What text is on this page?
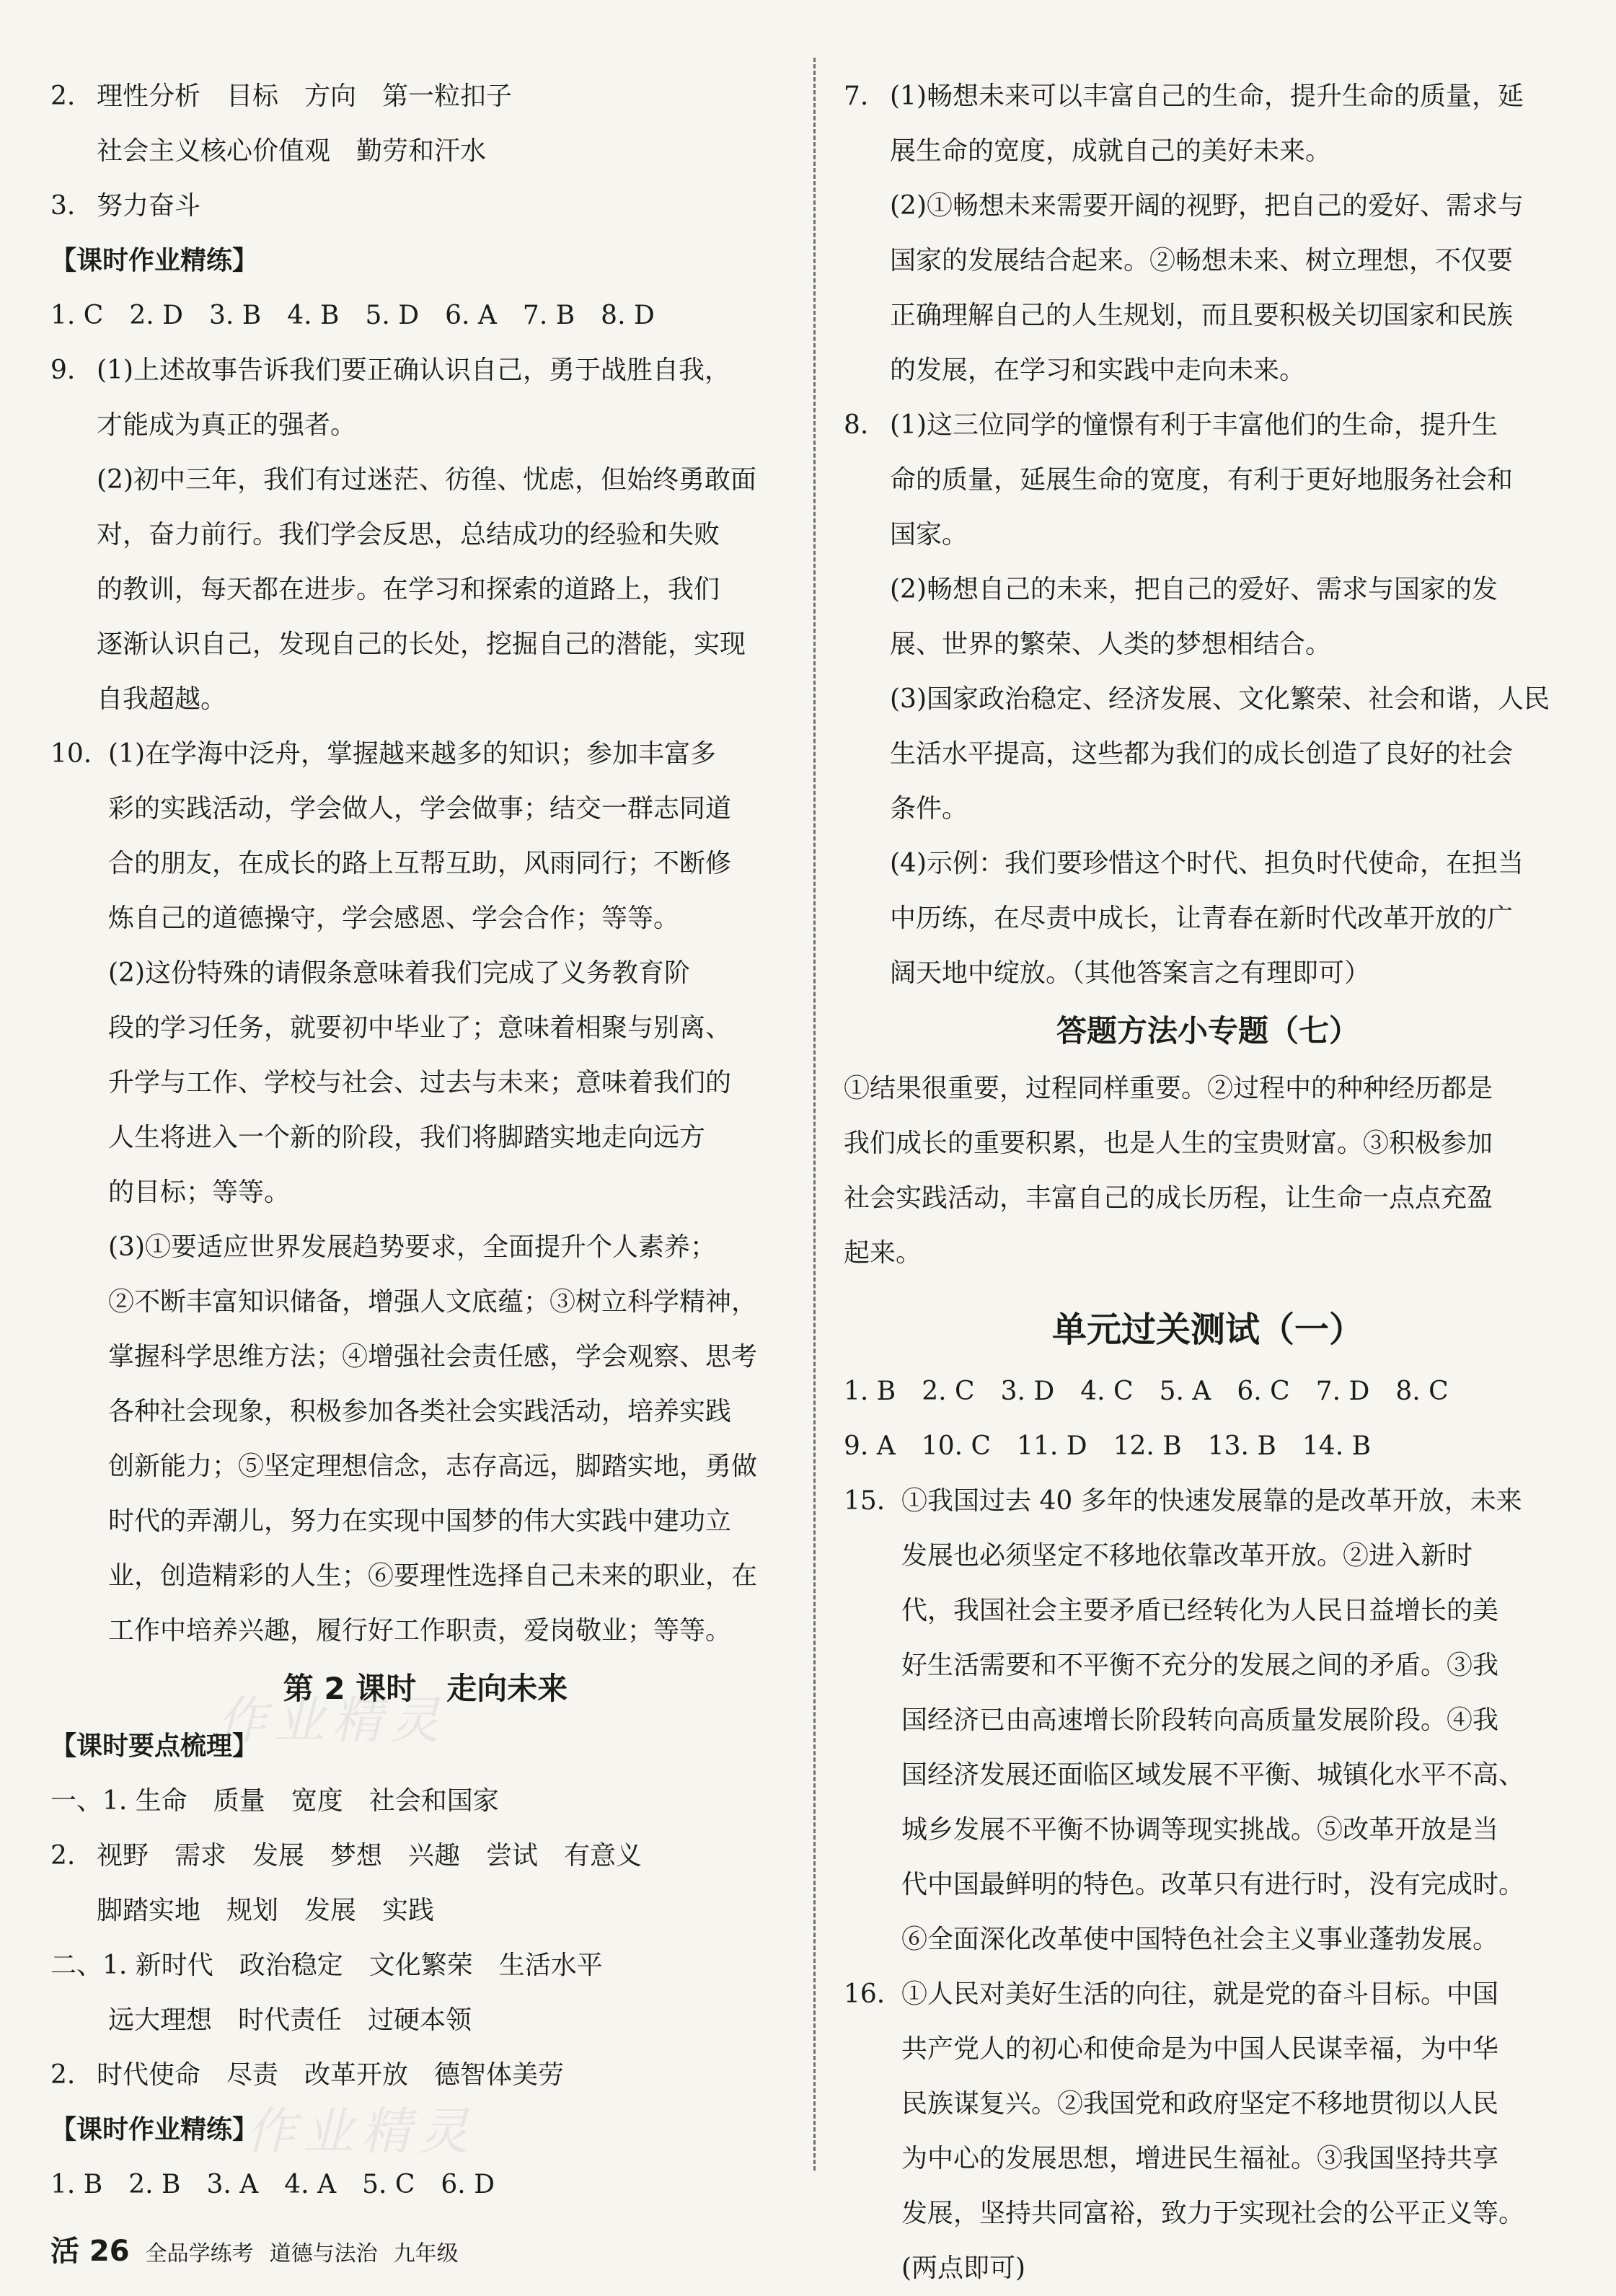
2. 理性分析　目标　方向　第一粒扣子

社会主义核心价值观　勤劳和汗水

3. 努力奋斗

【课时作业精练】

1. C　2. D　3. B　4. B　5. D　6. A　7. B　8. D

9. (1)上述故事告诉我们要正确认识自己，勇于战胜自我，

才能成为真正的强者。

(2)初中三年，我们有过迷茫、彷徨、忧虑，但始终勇敢面

对，奋力前行。我们学会反思，总结成功的经验和失败

的教训，每天都在进步。在学习和探索的道路上，我们

逐渐认识自己，发现自己的长处，挖掘自己的潜能，实现

自我超越。

10. (1)在学海中泛舟，掌握越来越多的知识；参加丰富多

彩的实践活动，学会做人，学会做事；结交一群志同道

合的朋友，在成长的路上互帮互助，风雨同行；不断修

炼自己的道德操守，学会感恩、学会合作；等等。

(2)这份特殊的请假条意味着我们完成了义务教育阶

段的学习任务，就要初中毕业了；意味着相聚与别离、

升学与工作、学校与社会、过去与未来；意味着我们的

人生将进入一个新的阶段，我们将脚踏实地走向远方

的目标；等等。

(3)①要适应世界发展趋势要求，全面提升个人素养；

②不断丰富知识储备，增强人文底蕴；③树立科学精神，

掌握科学思维方法；④增强社会责任感，学会观察、思考

各种社会现象，积极参加各类社会实践活动，培养实践

创新能力；⑤坚定理想信念，志存高远，脚踏实地，勇做

时代的弄潮儿，努力在实现中国梦的伟大实践中建功立

业，创造精彩的人生；⑥要理性选择自己未来的职业，在

工作中培养兴趣，履行好工作职责，爱岗敬业；等等。

第 2 课时　走向未来

【课时要点梳理】

一、1. 生命　质量　宽度　社会和国家

2. 视野　需求　发展　梦想　兴趣　尝试　有意义

脚踏实地　规划　发展　实践

二、1. 新时代　政治稳定　文化繁荣　生活水平

远大理想　时代责任　过硬本领

2. 时代使命　尽责　改革开放　德智体美劳

【课时作业精练】

1. B　2. B　3. A　4. A　5. C　6. D

7. (1)畅想未来可以丰富自己的生命，提升生命的质量，延

展生命的宽度，成就自己的美好未来。

(2)①畅想未来需要开阔的视野，把自己的爱好、需求与

国家的发展结合起来。②畅想未来、树立理想，不仅要

正确理解自己的人生规划，而且要积极关切国家和民族

的发展，在学习和实践中走向未来。

8. (1)这三位同学的憧憬有利于丰富他们的生命，提升生

命的质量，延展生命的宽度，有利于更好地服务社会和

国家。

(2)畅想自己的未来，把自己的爱好、需求与国家的发

展、世界的繁荣、人类的梦想相结合。

(3)国家政治稳定、经济发展、文化繁荣、社会和谐，人民

生活水平提高，这些都为我们的成长创造了良好的社会

条件。

(4)示例：我们要珍惜这个时代、担负时代使命，在担当

中历练，在尽责中成长，让青春在新时代改革开放的广

阔天地中绽放。（其他答案言之有理即可）

答题方法小专题（七）

①结果很重要，过程同样重要。②过程中的种种经历都是

我们成长的重要积累，也是人生的宝贵财富。③积极参加

社会实践活动，丰富自己的成长历程，让生命一点点充盈

起来。

单元过关测试（一）

1. B　2. C　3. D　4. C　5. A　6. C　7. D　8. C

9. A　10. C　11. D　12. B　13. B　14. B

15. ①我国过去 40 多年的快速发展靠的是改革开放，未来

发展也必须坚定不移地依靠改革开放。②进入新时

代，我国社会主要矛盾已经转化为人民日益增长的美

好生活需要和不平衡不充分的发展之间的矛盾。③我

国经济已由高速增长阶段转向高质量发展阶段。④我

国经济发展还面临区域发展不平衡、城镇化水平不高、

城乡发展不平衡不协调等现实挑战。⑤改革开放是当

代中国最鲜明的特色。改革只有进行时，没有完成时。

⑥全面深化改革使中国特色社会主义事业蓬勃发展。

16. ①人民对美好生活的向往，就是党的奋斗目标。中国

共产党人的初心和使命是为中国人民谋幸福，为中华

民族谋复兴。②我国党和政府坚定不移地贯彻以人民

为中心的发展思想，增进民生福祉。③我国坚持共享

发展，坚持共同富裕，致力于实现社会的公平正义等。

(两点即可)

作业精灵
作业精灵
活 26 全品学练考 道德与法治 九年级
